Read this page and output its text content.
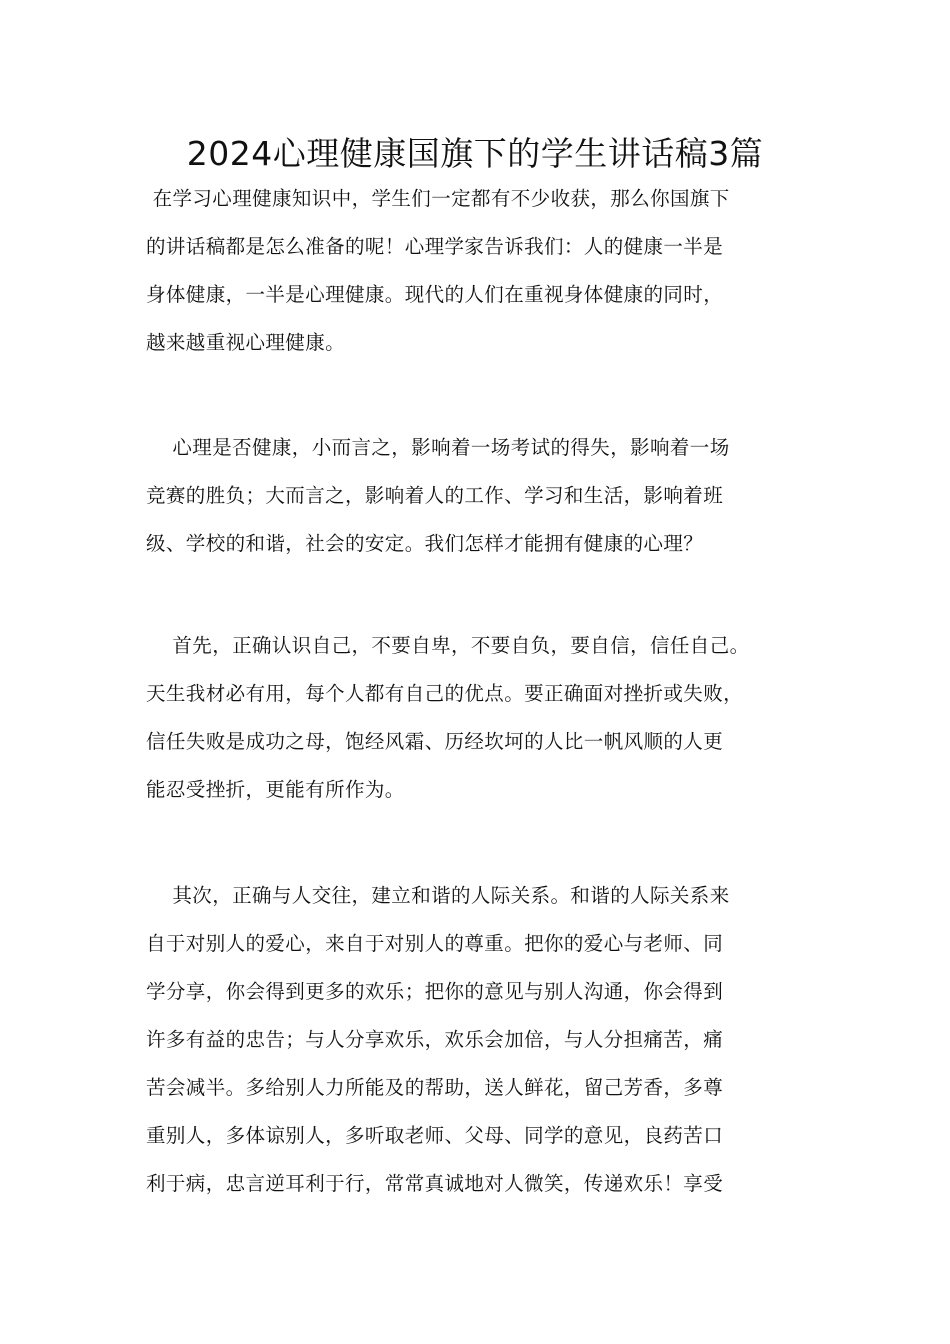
2024心理健康国旗下的学生讲话稿3篇
在学习心理健康知识中，学生们一定都有不少收获，那么你国旗下
的讲话稿都是怎么准备的呢！心理学家告诉我们：人的健康一半是
身体健康，一半是心理健康。现代的人们在重视身体健康的同时，
越来越重视心理健康。
心理是否健康，小而言之，影响着一场考试的得失，影响着一场
竞赛的胜负；大而言之，影响着人的工作、学习和生活，影响着班
级、学校的和谐，社会的安定。我们怎样才能拥有健康的心理？
首先，正确认识自己，不要自卑，不要自负，要自信，信任自己。
天生我材必有用，每个人都有自己的优点。要正确面对挫折或失败，
信任失败是成功之母，饱经风霜、历经坎坷的人比一帆风顺的人更
能忍受挫折，更能有所作为。
其次，正确与人交往，建立和谐的人际关系。和谐的人际关系来
自于对别人的爱心，来自于对别人的尊重。把你的爱心与老师、同
学分享，你会得到更多的欢乐；把你的意见与别人沟通，你会得到
许多有益的忠告；与人分享欢乐，欢乐会加倍，与人分担痛苦，痛
苦会减半。多给别人力所能及的帮助，送人鲜花，留己芳香，多尊
重别人，多体谅别人，多听取老师、父母、同学的意见，良药苦口
利于病，忠言逆耳利于行，常常真诚地对人微笑，传递欢乐！享受
